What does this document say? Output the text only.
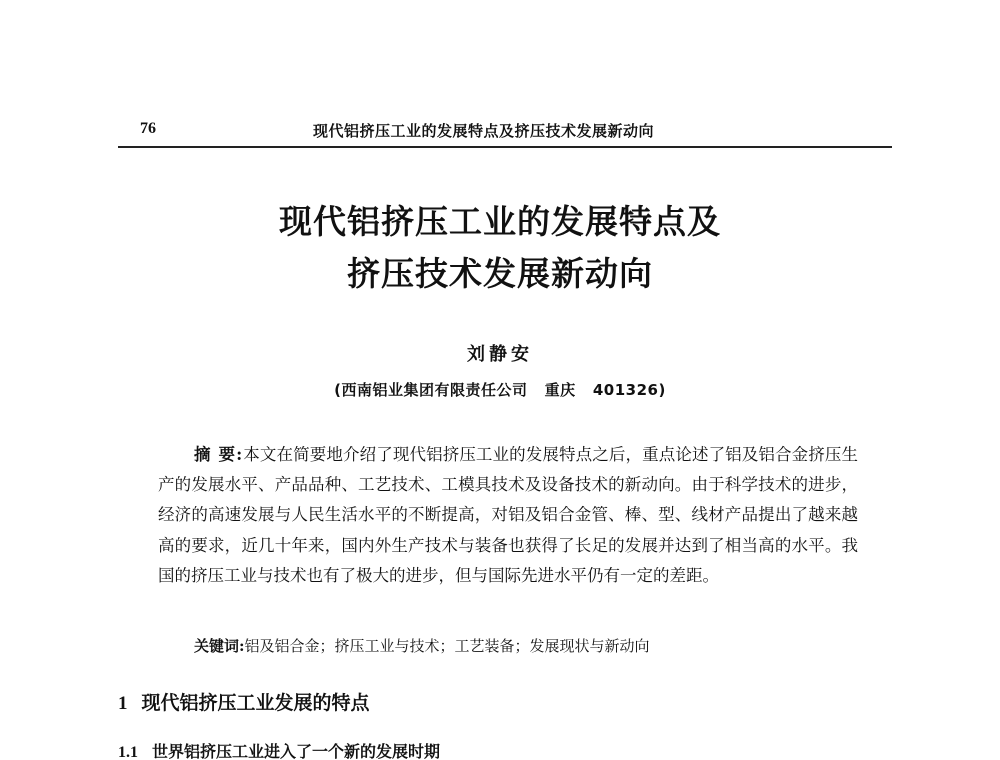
76	现代铝挤压工业的发展特点及挤压技术发展新动向
现代铝挤压工业的发展特点及
挤压技术发展新动向
刘静安
(西南铝业集团有限责任公司   重庆   401326)

摘 要:本文在简要地介绍了现代铝挤压工业的发展特点之后，重点论述了铝及铝合金挤压生产的发展水平、产品品种、工艺技术、工模具技术及设备技术的新动向。由于科学技术的进步，经济的高速发展与人民生活水平的不断提高，对铝及铝合金管、棒、型、线材产品提出了越来越高的要求，近几十年来，国内外生产技术与装备也获得了长足的发展并达到了相当高的水平。我国的挤压工业与技术也有了极大的进步，但与国际先进水平仍有一定的差距。

关键词:铝及铝合金；挤压工业与技术；工艺装备；发展现状与新动向

1 现代铝挤压工业发展的特点
1.1 世界铝挤压工业进入了一个新的发展时期
